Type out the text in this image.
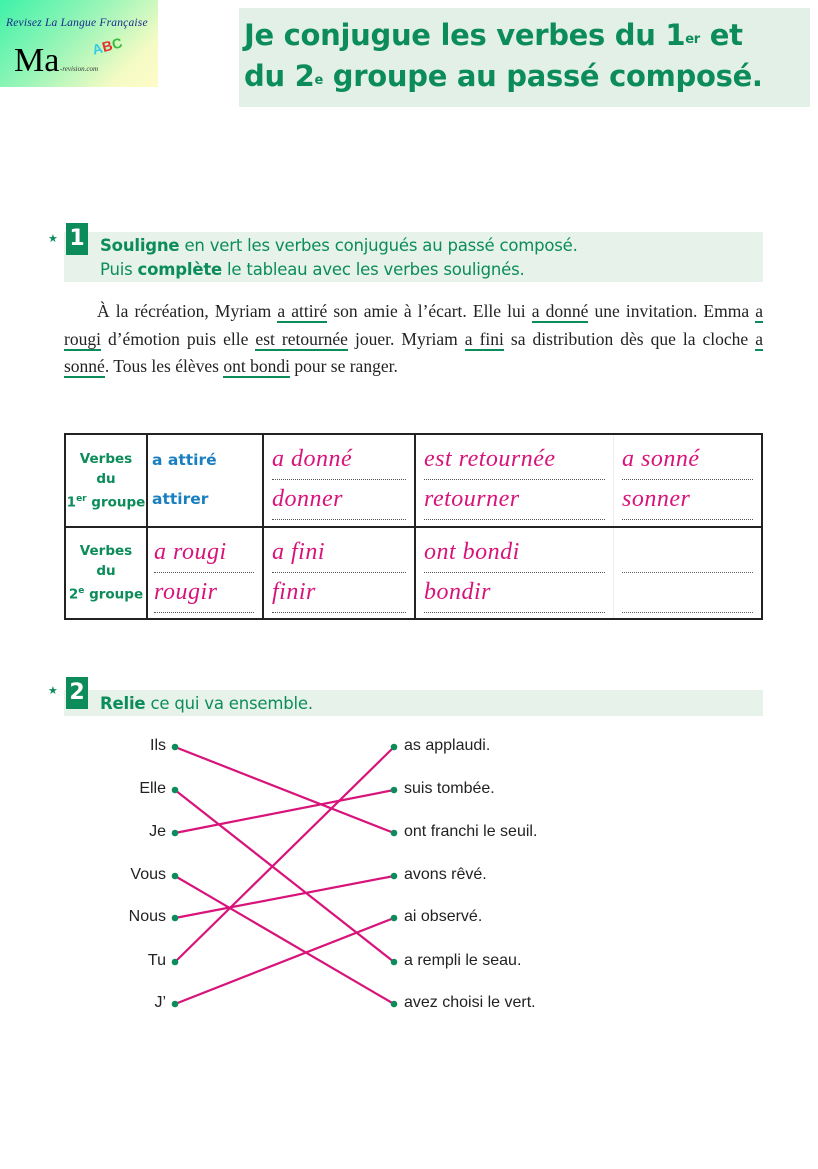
Revisez La Langue Française
Ma ABC
-revision.com
Je conjugue les verbes du 1er et
du 2e groupe au passé composé.
★ 1 Souligne en vert les verbes conjugués au passé composé.
Puis complète le tableau avec les verbes soulignés.
À la récréation, Myriam a attiré son amie à l’écart. Elle lui a donné une invitation. Emma a rougi d’émotion puis elle est retournée jouer. Myriam a fini sa distribution dès que la cloche a sonné. Tous les élèves ont bondi pour se ranger.
Verbes
du
1er groupe

a attiré
attirer

a donné
donner

est retournée
retourner

a sonné
sonner

Verbes
du
2e groupe

a rougi
rougir

a fini
finir

ont bondi
bondir

★ 2 Relie ce qui va ensemble.
Ils
Elle
Je
Vous
Nous
Tu
J’
as applaudi.
suis tombée.
ont franchi le seuil.
avons rêvé.
ai observé.
a rempli le seau.
avez choisi le vert.
